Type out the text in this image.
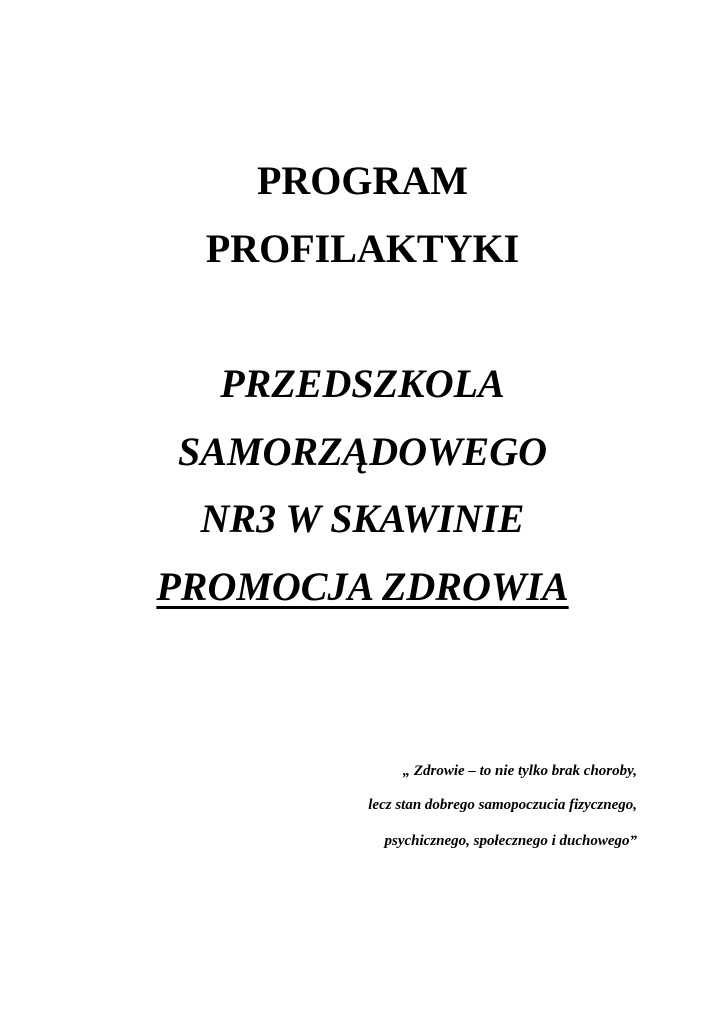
PROGRAM
PROFILAKTYKI
PRZEDSZKOLA
SAMORZĄDOWEGO
NR3 W SKAWINIE
PROMOCJA ZDROWIA
„ Zdrowie – to nie tylko brak choroby,
lecz stan dobrego samopoczucia fizycznego,
psychicznego, społecznego i duchowego”
